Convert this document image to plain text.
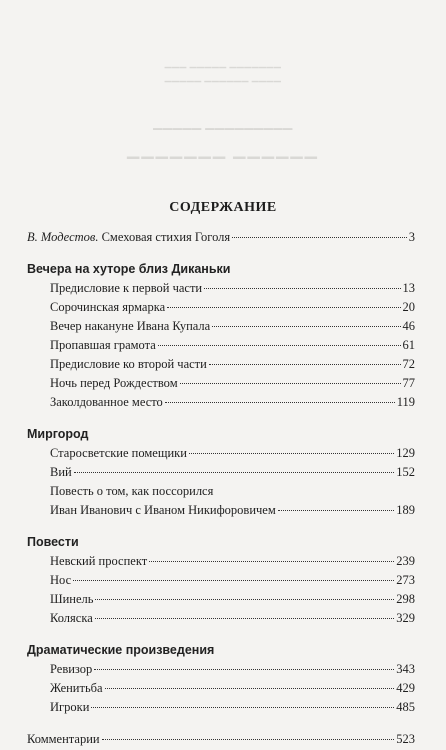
▁▁▁ ▁▁▁▁▁ ▁▁▁▁▁▁▁
▁▁▁▁▁ ▁▁▁▁▁▁ ▁▁▁▁
▁▁▁▁▁ ▁▁▁▁▁▁▁▁▁
▁▁▁▁▁▁▁ ▁▁▁▁▁▁
СОДЕРЖАНИЕ
В. Модестов. Смеховая стихия Гоголя	3
Вечера на хуторе близ Диканьки
Предисловие к первой части	13
Сорочинская ярмарка	20
Вечер накануне Ивана Купала	46
Пропавшая грамота	61
Предисловие ко второй части	72
Ночь перед Рождеством	77
Заколдованное место	119
Миргород
Старосветские помещики	129
Вий	152
Повесть о том, как поссорился
Иван Иванович с Иваном Никифоровичем	189
Повести
Невский проспект	239
Нос	273
Шинель	298
Коляска	329
Драматические произведения
Ревизор	343
Женитьба	429
Игроки	485
Комментарии	523
